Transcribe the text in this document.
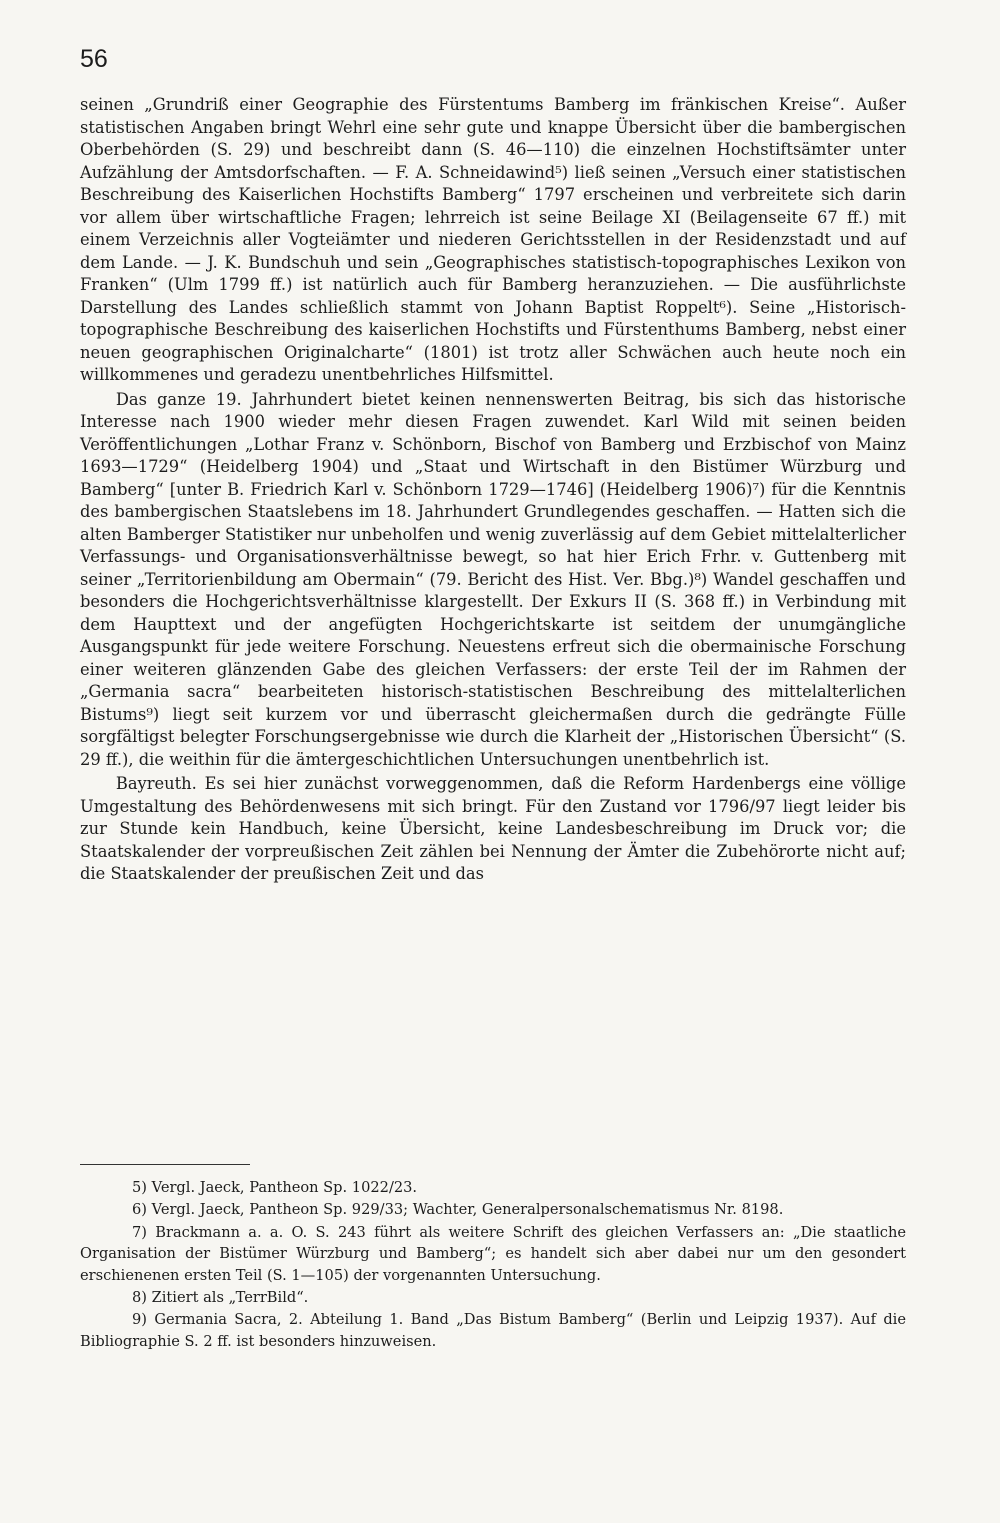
56

seinen „Grundriß einer Geographie des Fürstentums Bamberg im fränkischen Kreise“. Außer statistischen Angaben bringt Wehrl eine sehr gute und knappe Übersicht über die bambergischen Oberbehörden (S. 29) und beschreibt dann (S. 46—110) die einzelnen Hochstiftsämter unter Aufzählung der Amtsdorfschaften. — F. A. Schneidawind⁵) ließ seinen „Versuch einer statistischen Beschreibung des Kaiserlichen Hochstifts Bamberg“ 1797 erscheinen und verbreitete sich darin vor allem über wirtschaftliche Fragen; lehrreich ist seine Beilage XI (Beilagenseite 67 ff.) mit einem Verzeichnis aller Vogteiämter und niederen Gerichtsstellen in der Residenzstadt und auf dem Lande. — J. K. Bundschuh und sein „Geographisches statistisch-topographisches Lexikon von Franken“ (Ulm 1799 ff.) ist natürlich auch für Bamberg heranzuziehen. — Die ausführlichste Darstellung des Landes schließlich stammt von Johann Baptist Roppelt⁶). Seine „Historisch-topographische Beschreibung des kaiserlichen Hochstifts und Fürstenthums Bamberg, nebst einer neuen geographischen Originalcharte“ (1801) ist trotz aller Schwächen auch heute noch ein willkommenes und geradezu unentbehrliches Hilfsmittel.

Das ganze 19. Jahrhundert bietet keinen nennenswerten Beitrag, bis sich das historische Interesse nach 1900 wieder mehr diesen Fragen zuwendet. Karl Wild mit seinen beiden Veröffentlichungen „Lothar Franz v. Schönborn, Bischof von Bamberg und Erzbischof von Mainz 1693—1729“ (Heidelberg 1904) und „Staat und Wirtschaft in den Bistümer Würzburg und Bamberg“ [unter B. Friedrich Karl v. Schönborn 1729—1746] (Heidelberg 1906)⁷) für die Kenntnis des bambergischen Staatslebens im 18. Jahrhundert Grundlegendes geschaffen. — Hatten sich die alten Bamberger Statistiker nur unbeholfen und wenig zuverlässig auf dem Gebiet mittelalterlicher Verfassungs- und Organisationsverhältnisse bewegt, so hat hier Erich Frhr. v. Guttenberg mit seiner „Territorienbildung am Obermain“ (79. Bericht des Hist. Ver. Bbg.)⁸) Wandel geschaffen und besonders die Hochgerichtsverhältnisse klargestellt. Der Exkurs II (S. 368 ff.) in Verbindung mit dem Haupttext und der angefügten Hochgerichtskarte ist seitdem der unumgängliche Ausgangspunkt für jede weitere Forschung. Neuestens erfreut sich die obermainische Forschung einer weiteren glänzenden Gabe des gleichen Verfassers: der erste Teil der im Rahmen der „Germania sacra“ bearbeiteten historisch-statistischen Beschreibung des mittelalterlichen Bistums⁹) liegt seit kurzem vor und überrascht gleichermaßen durch die gedrängte Fülle sorgfältigst belegter Forschungsergebnisse wie durch die Klarheit der „Historischen Übersicht“ (S. 29 ff.), die weithin für die ämtergeschichtlichen Untersuchungen unentbehrlich ist.

Bayreuth. Es sei hier zunächst vorweggenommen, daß die Reform Hardenbergs eine völlige Umgestaltung des Behördenwesens mit sich bringt. Für den Zustand vor 1796/97 liegt leider bis zur Stunde kein Handbuch, keine Übersicht, keine Landesbeschreibung im Druck vor; die Staatskalender der vorpreußischen Zeit zählen bei Nennung der Ämter die Zubehörorte nicht auf; die Staatskalender der preußischen Zeit und das

5) Vergl. Jaeck, Pantheon Sp. 1022/23.

6) Vergl. Jaeck, Pantheon Sp. 929/33; Wachter, Generalpersonalschematismus Nr. 8198.

7) Brackmann a. a. O. S. 243 führt als weitere Schrift des gleichen Verfassers an: „Die staatliche Organisation der Bistümer Würzburg und Bamberg“; es handelt sich aber dabei nur um den gesondert erschienenen ersten Teil (S. 1—105) der vorgenannten Untersuchung.

8) Zitiert als „TerrBild“.

9) Germania Sacra, 2. Abteilung 1. Band „Das Bistum Bamberg“ (Berlin und Leipzig 1937). Auf die Bibliographie S. 2 ff. ist besonders hinzuweisen.
